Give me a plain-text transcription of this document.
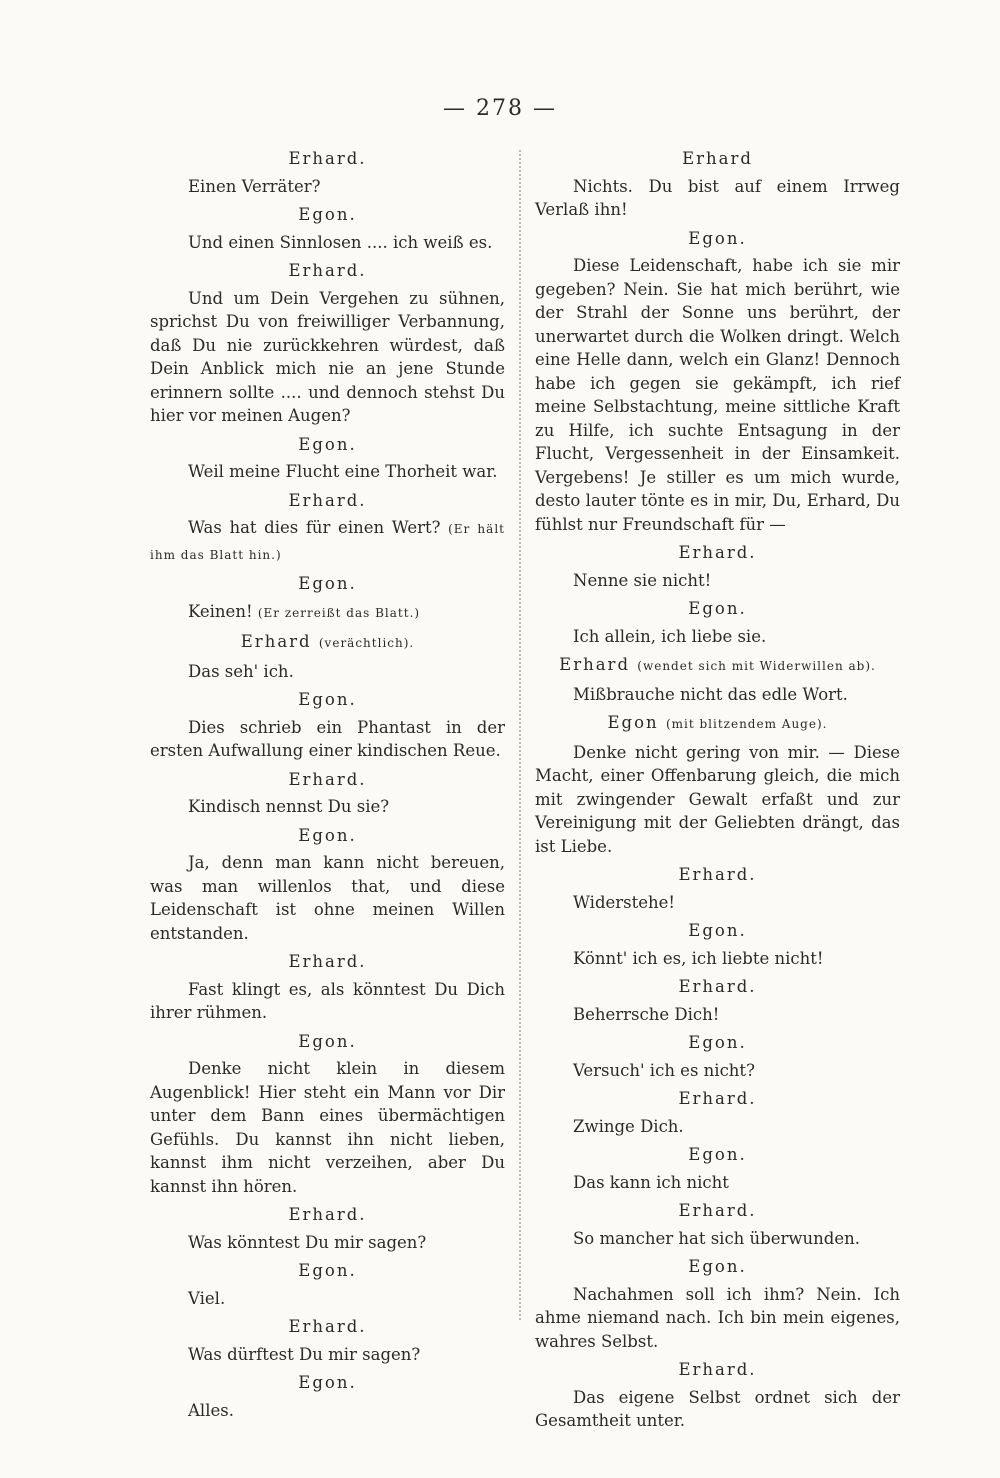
— 278 —
Erhard.
Einen Verräter?
Egon.
Und einen Sinnlosen .... ich weiß es.
Erhard.
Und um Dein Vergehen zu sühnen, sprichst Du von freiwilliger Verbannung, daß Du nie zurückkehren würdest, daß Dein Anblick mich nie an jene Stunde erinnern sollte .... und dennoch stehst Du hier vor meinen Augen?
Egon.
Weil meine Flucht eine Thorheit war.
Erhard.
Was hat dies für einen Wert? (Er hält ihm das Blatt hin.)
Egon.
Keinen! (Er zerreißt das Blatt.)
Erhard (verächtlich).
Das seh' ich.
Egon.
Dies schrieb ein Phantast in der ersten Aufwallung einer kindischen Reue.
Erhard.
Kindisch nennst Du sie?
Egon.
Ja, denn man kann nicht bereuen, was man willenlos that, und diese Leidenschaft ist ohne meinen Willen entstanden.
Erhard.
Fast klingt es, als könntest Du Dich ihrer rühmen.
Egon.
Denke nicht klein in diesem Augenblick! Hier steht ein Mann vor Dir unter dem Bann eines übermächtigen Gefühls. Du kannst ihn nicht lieben, kannst ihm nicht verzeihen, aber Du kannst ihn hören.
Erhard.
Was könntest Du mir sagen?
Egon.
Viel.
Erhard.
Was dürftest Du mir sagen?
Egon.
Alles.
Erhard
Nichts. Du bist auf einem Irrweg Verlaß ihn!
Egon.
Diese Leidenschaft, habe ich sie mir gegeben? Nein. Sie hat mich berührt, wie der Strahl der Sonne uns berührt, der unerwartet durch die Wolken dringt. Welch eine Helle dann, welch ein Glanz! Dennoch habe ich gegen sie gekämpft, ich rief meine Selbstachtung, meine sittliche Kraft zu Hilfe, ich suchte Entsagung in der Flucht, Vergessenheit in der Einsamkeit. Vergebens! Je stiller es um mich wurde, desto lauter tönte es in mir, Du, Erhard, Du fühlst nur Freundschaft für —
Erhard.
Nenne sie nicht!
Egon.
Ich allein, ich liebe sie.
Erhard (wendet sich mit Widerwillen ab).
Mißbrauche nicht das edle Wort.
Egon (mit blitzendem Auge).
Denke nicht gering von mir. — Diese Macht, einer Offenbarung gleich, die mich mit zwingender Gewalt erfaßt und zur Vereinigung mit der Geliebten drängt, das ist Liebe.
Erhard.
Widerstehe!
Egon.
Könnt' ich es, ich liebte nicht!
Erhard.
Beherrsche Dich!
Egon.
Versuch' ich es nicht?
Erhard.
Zwinge Dich.
Egon.
Das kann ich nicht
Erhard.
So mancher hat sich überwunden.
Egon.
Nachahmen soll ich ihm? Nein. Ich ahme niemand nach. Ich bin mein eigenes, wahres Selbst.
Erhard.
Das eigene Selbst ordnet sich der Gesamtheit unter.
